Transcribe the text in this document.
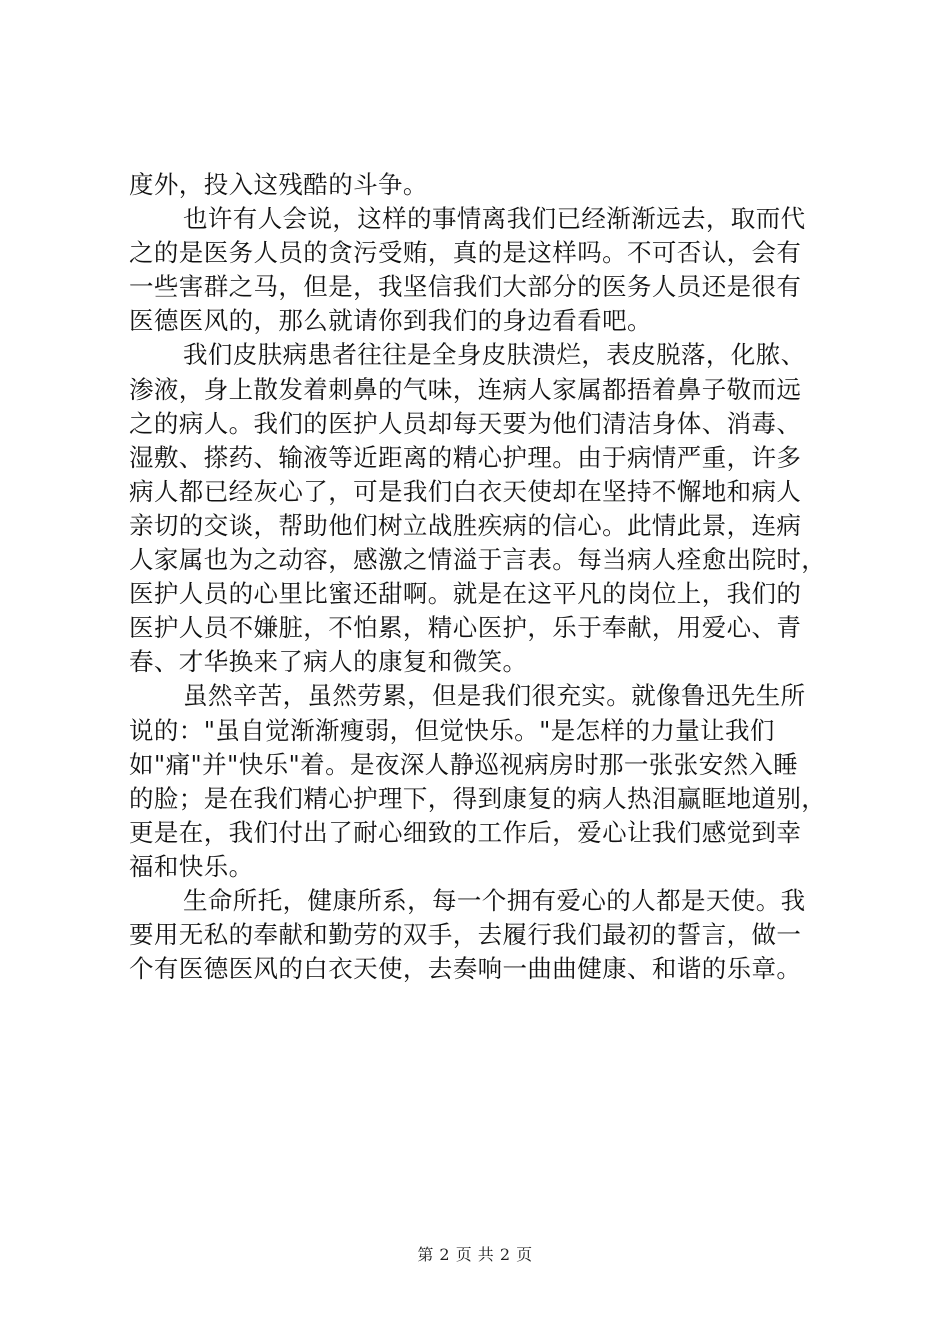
度外，投入这残酷的斗争。
也许有人会说，这样的事情离我们已经渐渐远去，取而代
之的是医务人员的贪污受贿，真的是这样吗。不可否认，会有
一些害群之马，但是，我坚信我们大部分的医务人员还是很有
医德医风的，那么就请你到我们的身边看看吧。
我们皮肤病患者往往是全身皮肤溃烂，表皮脱落，化脓、
渗液，身上散发着刺鼻的气味，连病人家属都捂着鼻子敬而远
之的病人。我们的医护人员却每天要为他们清洁身体、消毒、
湿敷、搽药、输液等近距离的精心护理。由于病情严重，许多
病人都已经灰心了，可是我们白衣天使却在坚持不懈地和病人
亲切的交谈，帮助他们树立战胜疾病的信心。此情此景，连病
人家属也为之动容，感激之情溢于言表。每当病人痊愈出院时，
医护人员的心里比蜜还甜啊。就是在这平凡的岗位上，我们的
医护人员不嫌脏，不怕累，精心医护，乐于奉献，用爱心、青
春、才华换来了病人的康复和微笑。
虽然辛苦，虽然劳累，但是我们很充实。就像鲁迅先生所
说的："虽自觉渐渐瘦弱，但觉快乐。"是怎样的力量让我们
如"痛"并"快乐"着。是夜深人静巡视病房时那一张张安然入睡
的脸；是在我们精心护理下，得到康复的病人热泪赢眶地道别，
更是在，我们付出了耐心细致的工作后，爱心让我们感觉到幸
福和快乐。
生命所托，健康所系，每一个拥有爱心的人都是天使。我
要用无私的奉献和勤劳的双手，去履行我们最初的誓言，做一
个有医德医风的白衣天使，去奏响一曲曲健康、和谐的乐章。
第 2 页 共 2 页
